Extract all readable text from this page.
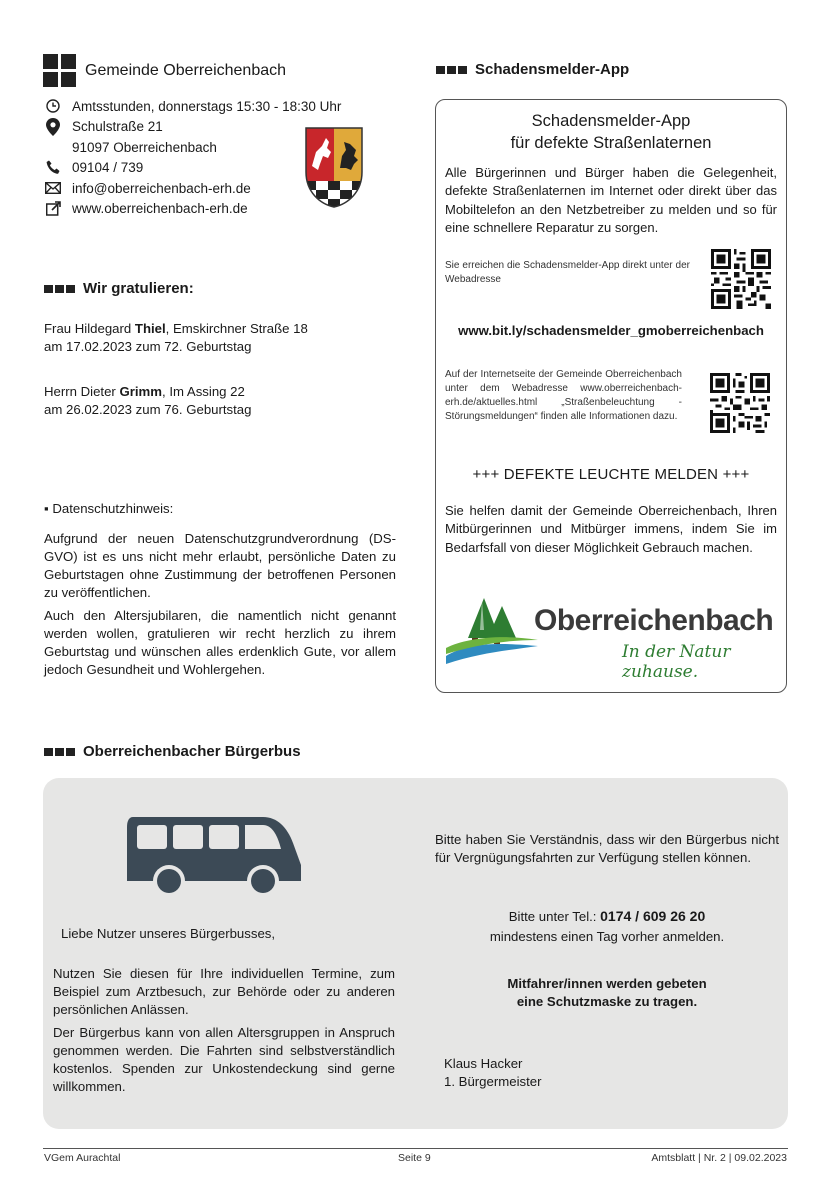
Gemeinde Oberreichenbach
Amtsstunden, donnerstags 15:30 - 18:30 Uhr
Schulstraße 21
91097 Oberreichenbach
09104 / 739
info@oberreichenbach-erh.de
www.oberreichenbach-erh.de
Wir gratulieren:
Frau Hildegard Thiel, Emskirchner Straße 18
am 17.02.2023 zum 72. Geburtstag
Herrn Dieter Grimm, Im Assing 22
am 26.02.2023 zum 76. Geburtstag
▪ Datenschutzhinweis:
Aufgrund der neuen Datenschutzgrundverordnung (DS-GVO) ist es uns nicht mehr erlaubt, persönliche Daten zu Geburtstagen ohne Zustimmung der betroffenen Personen zu veröffentlichen.
Auch den Altersjubilaren, die namentlich nicht genannt werden wollen, gratulieren wir recht herzlich zu ihrem Geburtstag und wünschen alles erdenklich Gute, vor allem jedoch Gesundheit und Wohlergehen.
Schadensmelder-App
Schadensmelder-App
für defekte Straßenlaternen
Alle Bürgerinnen und Bürger haben die Gelegenheit, defekte Straßenlaternen im Internet oder direkt über das Mobiltelefon an den Netzbetreiber zu melden und so für eine schnellere Reparatur zu sorgen.
Sie erreichen die Schadensmelder-App direkt unter der Webadresse
www.bit.ly/schadensmelder_gmoberreichenbach
Auf der Internetseite der Gemeinde Oberreichenbach unter dem Webadresse www.oberreichenbach-erh.de/aktuelles.html „Straßenbeleuchtung - Störungsmeldungen“ finden alle Informationen dazu.
+++ DEFEKTE LEUCHTE MELDEN +++
Sie helfen damit der Gemeinde Oberreichenbach, Ihren Mitbürgerinnen und Mitbürger immens, indem Sie im Bedarfsfall von dieser Möglichkeit Gebrauch machen.
Oberreichenbach
In der Natur zuhause.
Oberreichenbacher Bürgerbus
Liebe Nutzer unseres Bürgerbusses,
Nutzen Sie diesen für Ihre individuellen Termine, zum Beispiel zum Arztbesuch, zur Behörde oder zu anderen persönlichen Anlässen.
Der Bürgerbus kann von allen Altersgruppen in Anspruch genommen werden. Die Fahrten sind selbstverständlich kostenlos. Spenden zur Unkostendeckung sind gerne willkommen.
Bitte haben Sie Verständnis, dass wir den Bürgerbus nicht für Vergnügungsfahrten zur Verfügung stellen können.
Bitte unter Tel.: 0174 / 609 26 20
mindestens einen Tag vorher anmelden.
Mitfahrer/innen werden gebeten
eine Schutzmaske zu tragen.
Klaus Hacker
1. Bürgermeister
VGem Aurachtal	Seite 9	Amtsblatt | Nr. 2 | 09.02.2023
